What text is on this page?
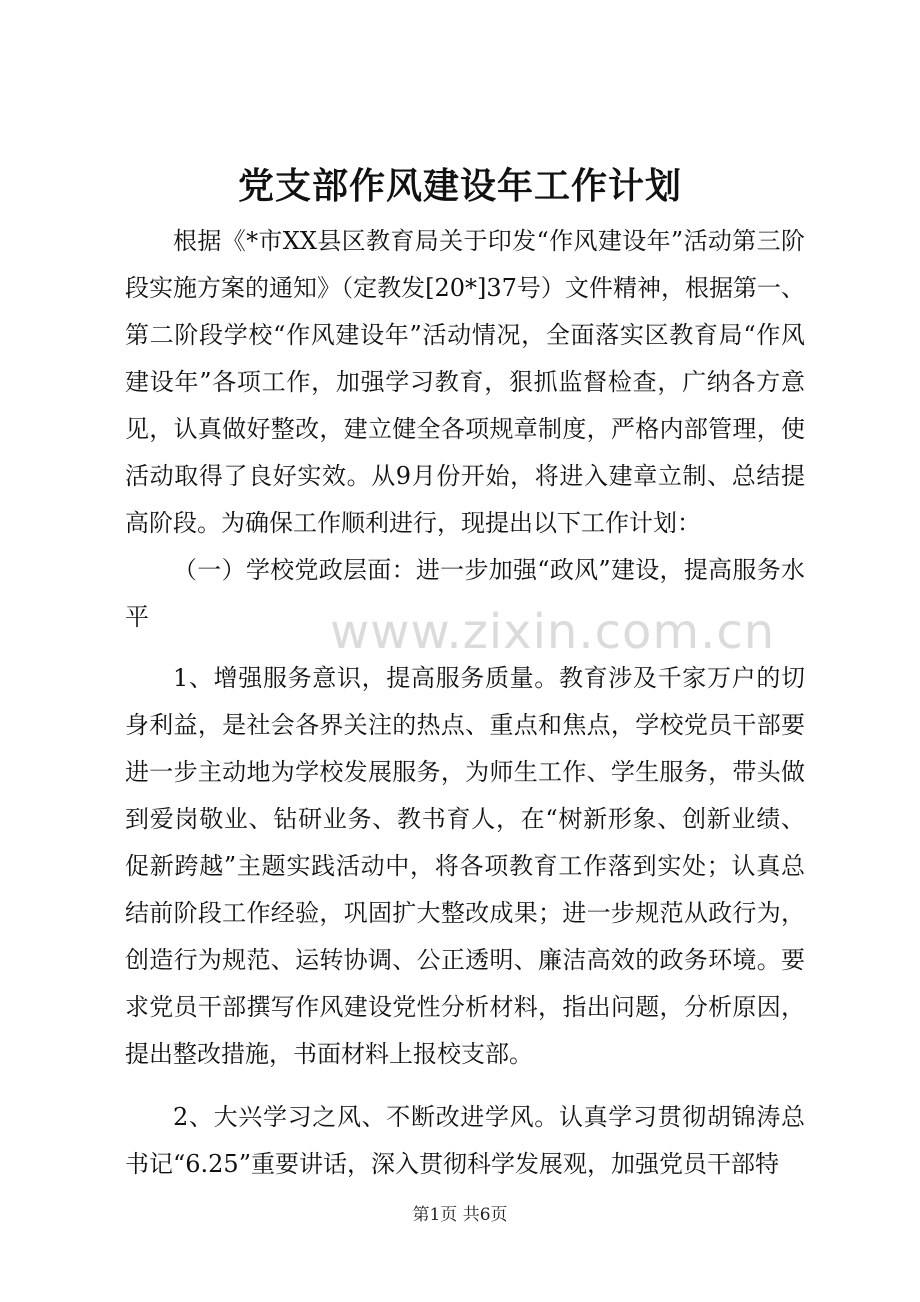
党支部作风建设年工作计划

根据《*市XX县区教育局关于印发“作风建设年”活动第三阶段实施方案的通知》（定教发[20*]37号）文件精神，根据第一、第二阶段学校“作风建设年”活动情况，全面落实区教育局“作风建设年”各项工作，加强学习教育，狠抓监督检查，广纳各方意见，认真做好整改，建立健全各项规章制度，严格内部管理，使活动取得了良好实效。从9月份开始，将进入建章立制、总结提高阶段。为确保工作顺利进行，现提出以下工作计划：

（一）学校党政层面：进一步加强“政风”建设，提高服务水平

1、增强服务意识，提高服务质量。教育涉及千家万户的切身利益，是社会各界关注的热点、重点和焦点，学校党员干部要进一步主动地为学校发展服务，为师生工作、学生服务，带头做到爱岗敬业、钻研业务、教书育人，在“树新形象、创新业绩、促新跨越”主题实践活动中，将各项教育工作落到实处；认真总结前阶段工作经验，巩固扩大整改成果；进一步规范从政行为，创造行为规范、运转协调、公正透明、廉洁高效的政务环境。要求党员干部撰写作风建设党性分析材料，指出问题，分析原因，提出整改措施，书面材料上报校支部。

2、大兴学习之风、不断改进学风。认真学习贯彻胡锦涛总书记“6.25”重要讲话，深入贯彻科学发展观，加强党员干部特

www.zixin.com.cn
第1页 共6页
